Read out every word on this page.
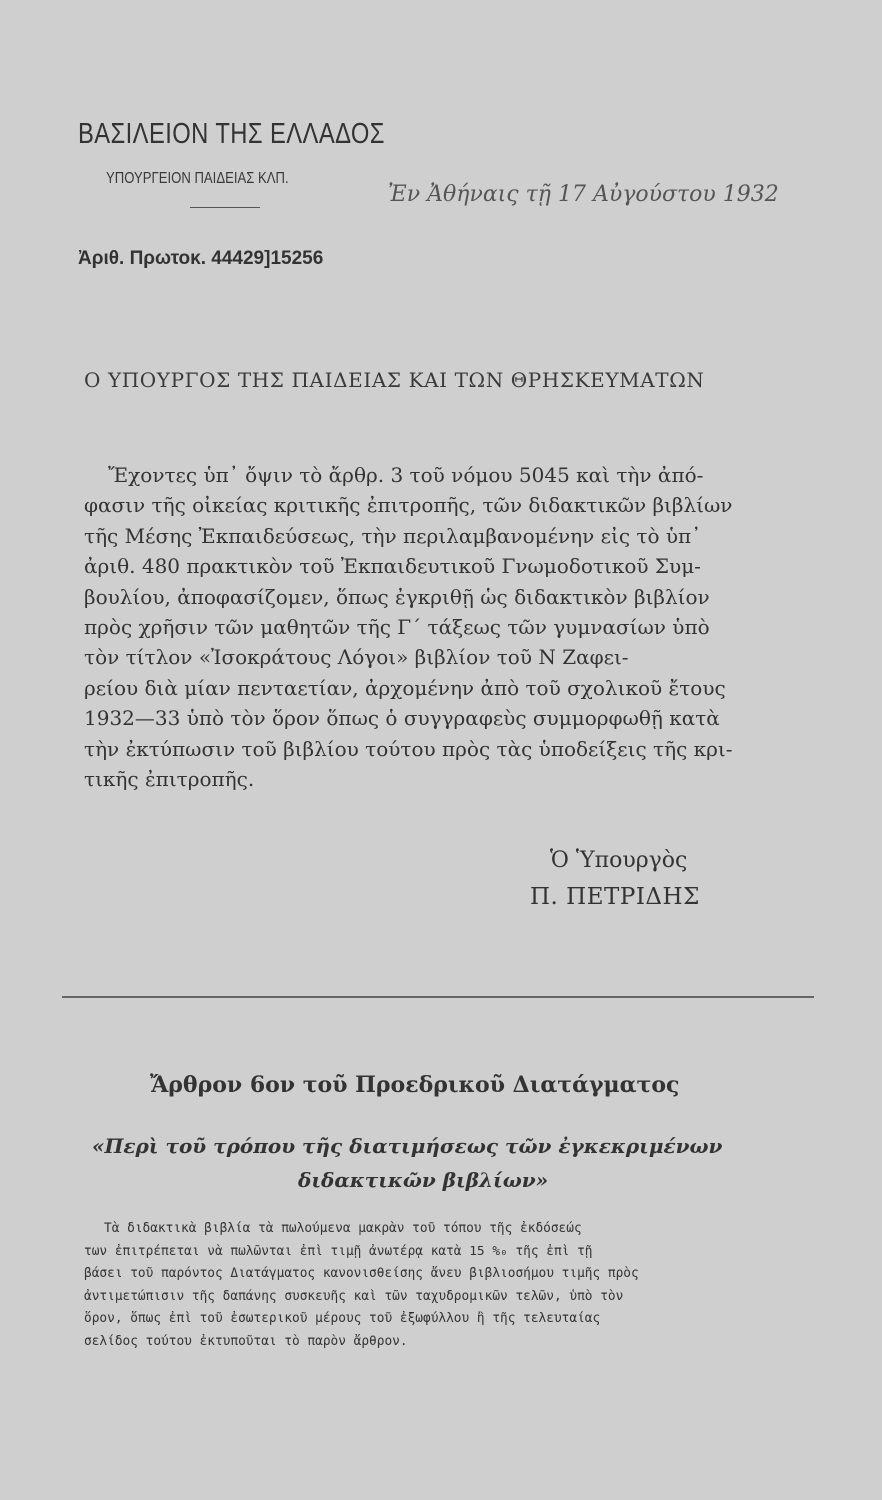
ΒΑΣΙΛΕΙΟΝ ΤΗΣ ΕΛΛΑΔΟΣ
ΥΠΟΥΡΓΕΙΟΝ ΠΑΙΔΕΙΑΣ ΚΛΠ.
Ἐν Ἀθήναις τῇ 17 Αὐγούστου 1932
Ἀριθ. Πρωτοκ. 44429]15256
Ο ΥΠΟΥΡΓΟΣ ΤΗΣ ΠΑΙΔΕΙΑΣ ΚΑΙ ΤΩΝ ΘΡΗΣΚΕΥΜΑΤΩΝ
Ἔχοντες ὑπ᾽ ὄψιν τὸ ἄρθρ. 3 τοῦ νόμου 5045 καὶ τὴν ἀπό-
φασιν τῆς οἰκείας κριτικῆς ἐπιτροπῆς, τῶν διδακτικῶν βιβλίων
τῆς Μέσης Ἐκπαιδεύσεως, τὴν περιλαμβανομένην εἰς τὸ ὑπ᾽
ἀριθ. 480 πρακτικὸν τοῦ Ἐκπαιδευτικοῦ Γνωμοδοτικοῦ Συμ-
βουλίου, ἀποφασίζομεν, ὅπως ἐγκριθῇ ὡς διδακτικὸν βιβλίον
πρὸς χρῆσιν τῶν μαθητῶν τῆς Γ´ τάξεως τῶν γυμνασίων ὑπὸ
τὸν τίτλον «Ἰσοκράτους Λόγοι» βιβλίον τοῦ Ν Ζαφει-
ρείου διὰ μίαν πενταετίαν, ἀρχομένην ἀπὸ τοῦ σχολικοῦ ἔτους
1932—33 ὑπὸ τὸν ὅρον ὅπως ὁ συγγραφεὺς συμμορφωθῇ κατὰ
τὴν ἐκτύπωσιν τοῦ βιβλίου τούτου πρὸς τὰς ὑποδείξεις τῆς κρι-
τικῆς ἐπιτροπῆς.
Ὁ Ὑπουργὸς
Π. ΠΕΤΡΙΔΗΣ
Ἄρθρον 6ον τοῦ Προεδρικοῦ Διατάγματος
«Περὶ τοῦ τρόπου τῆς διατιμήσεως τῶν ἐγκεκριμένων
διδακτικῶν βιβλίων»
Τὰ διδακτικὰ βιβλία τὰ πωλούμενα μακρὰν τοῦ τόπου τῆς ἐκδόσεώς
των ἐπιτρέπεται νὰ πωλῶνται ἐπὶ τιμῇ ἀνωτέρᾳ κατὰ 15 %₀ τῆς ἐπὶ τῇ
βάσει τοῦ παρόντος Διατάγματος κανονισθείσης ἄνευ βιβλιοσήμου τιμῆς πρὸς
ἀντιμετώπισιν τῆς δαπάνης συσκευῆς καὶ τῶν ταχυδρομικῶν τελῶν, ὑπὸ τὸν
ὅρον, ὅπως ἐπὶ τοῦ ἐσωτερικοῦ μέρους τοῦ ἐξωφύλλου ἢ τῆς τελευταίας
σελίδος τούτου ἐκτυποῦται τὸ παρὸν ἄρθρον.
